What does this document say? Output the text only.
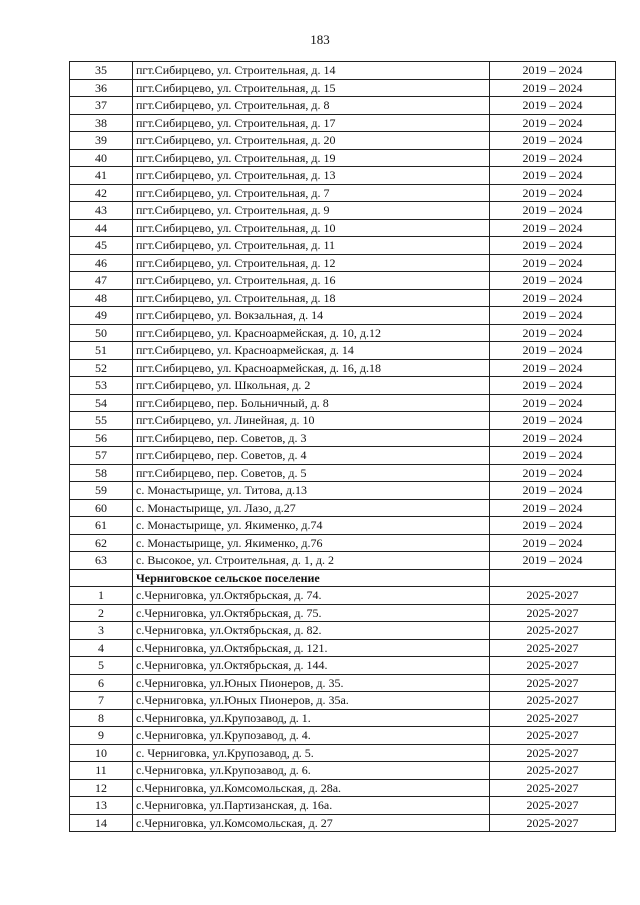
183
35	пгт.Сибирцево, ул. Строительная, д. 14	2019 – 2024
36	пгт.Сибирцево, ул. Строительная, д. 15	2019 – 2024
37	пгт.Сибирцево, ул. Строительная, д. 8	2019 – 2024
38	пгт.Сибирцево, ул. Строительная, д. 17	2019 – 2024
39	пгт.Сибирцево, ул. Строительная, д. 20	2019 – 2024
40	пгт.Сибирцево, ул. Строительная, д. 19	2019 – 2024
41	пгт.Сибирцево, ул. Строительная, д. 13	2019 – 2024
42	пгт.Сибирцево, ул. Строительная, д. 7	2019 – 2024
43	пгт.Сибирцево, ул. Строительная, д. 9	2019 – 2024
44	пгт.Сибирцево, ул. Строительная, д. 10	2019 – 2024
45	пгт.Сибирцево, ул. Строительная, д. 11	2019 – 2024
46	пгт.Сибирцево, ул. Строительная, д. 12	2019 – 2024
47	пгт.Сибирцево, ул. Строительная, д. 16	2019 – 2024
48	пгт.Сибирцево, ул. Строительная, д. 18	2019 – 2024
49	пгт.Сибирцево, ул. Вокзальная, д. 14	2019 – 2024
50	пгт.Сибирцево, ул. Красноармейская, д. 10, д.12	2019 – 2024
51	пгт.Сибирцево, ул. Красноармейская, д. 14	2019 – 2024
52	пгт.Сибирцево, ул. Красноармейская, д. 16, д.18	2019 – 2024
53	пгт.Сибирцево, ул. Школьная, д. 2	2019 – 2024
54	пгт.Сибирцево, пер. Больничный, д. 8	2019 – 2024
55	пгт.Сибирцево, ул. Линейная, д. 10	2019 – 2024
56	пгт.Сибирцево, пер. Советов, д. 3	2019 – 2024
57	пгт.Сибирцево, пер. Советов, д. 4	2019 – 2024
58	пгт.Сибирцево, пер. Советов, д. 5	2019 – 2024
59	с. Монастырище, ул. Титова, д.13	2019 – 2024
60	с. Монастырище, ул. Лазо, д.27	2019 – 2024
61	с. Монастырище, ул. Якименко, д.74	2019 – 2024
62	с. Монастырище, ул. Якименко, д.76	2019 – 2024
63	с. Высокое, ул. Строительная, д. 1, д. 2	2019 – 2024
	Черниговское сельское поселение	
1	с.Черниговка, ул.Октябрьская, д. 74.	2025-2027
2	с.Черниговка, ул.Октябрьская, д. 75.	2025-2027
3	с.Черниговка, ул.Октябрьская, д. 82.	2025-2027
4	с.Черниговка, ул.Октябрьская, д. 121.	2025-2027
5	с.Черниговка, ул.Октябрьская, д. 144.	2025-2027
6	с.Черниговка, ул.Юных Пионеров, д. 35.	2025-2027
7	с.Черниговка, ул.Юных Пионеров, д. 35а.	2025-2027
8	с.Черниговка, ул.Крупозавод, д. 1.	2025-2027
9	с.Черниговка, ул.Крупозавод, д. 4.	2025-2027
10	с. Черниговка, ул.Крупозавод, д. 5.	2025-2027
11	с.Черниговка, ул.Крупозавод, д. 6.	2025-2027
12	с.Черниговка, ул.Комсомольская, д. 28а.	2025-2027
13	с.Черниговка, ул.Партизанская, д. 16а.	2025-2027
14	с.Черниговка, ул.Комсомольская, д. 27	2025-2027
